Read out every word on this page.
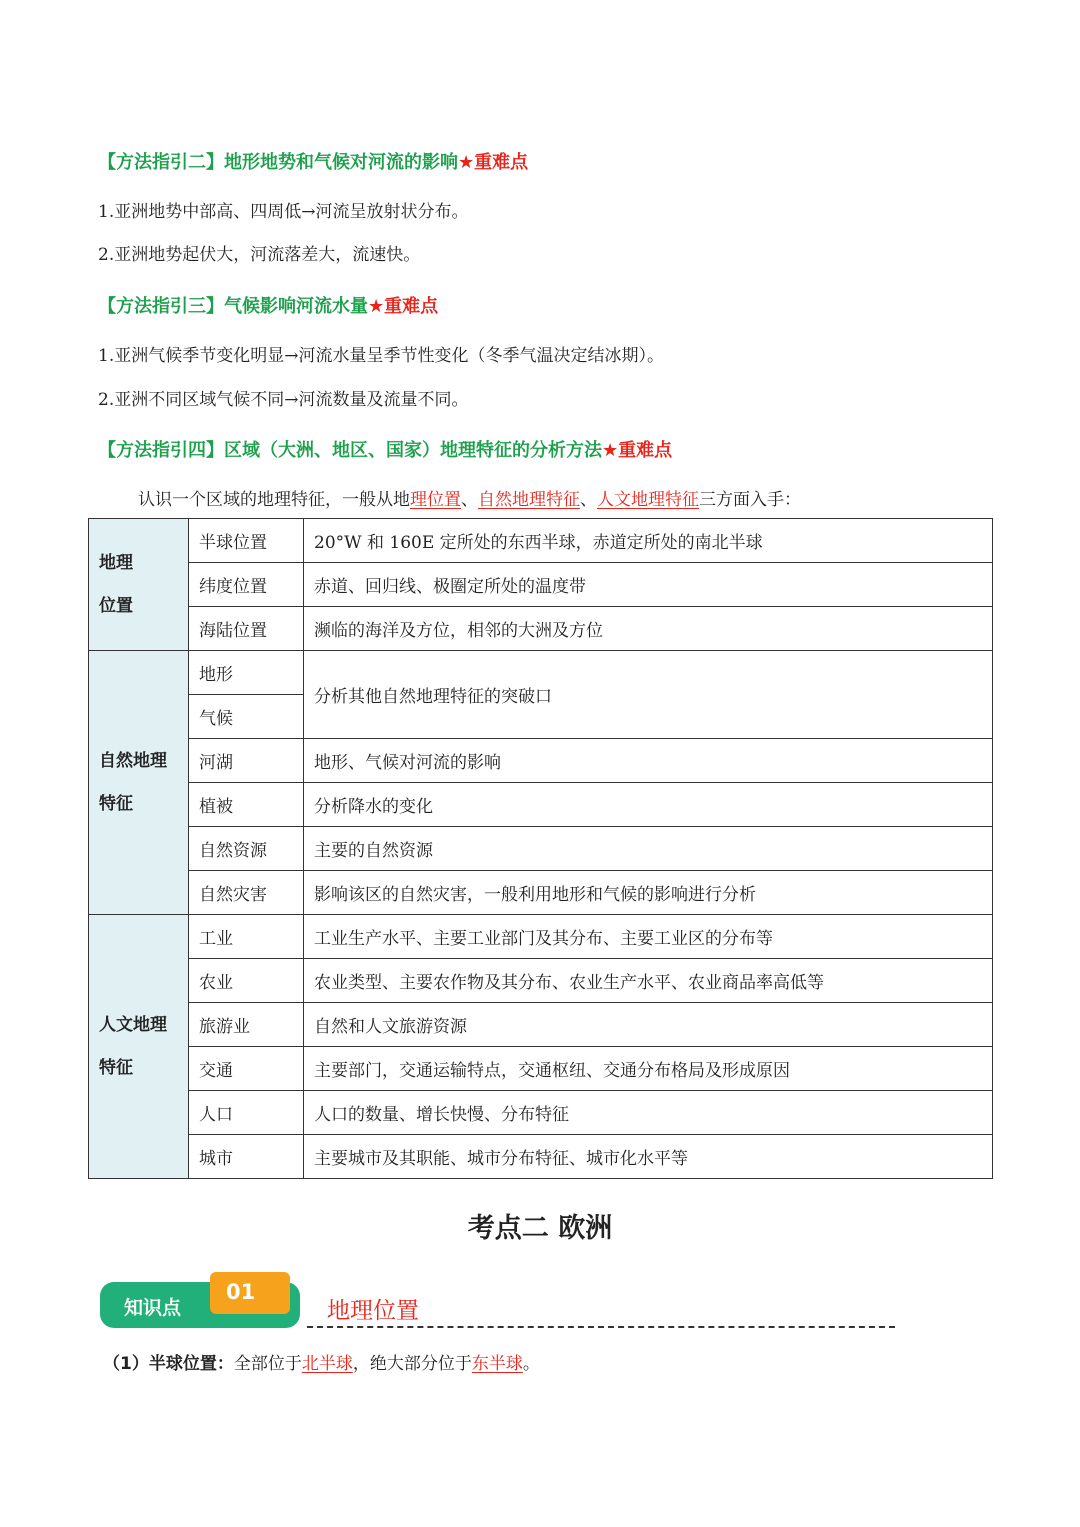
【方法指引二】地形地势和气候对河流的影响★重难点
1.亚洲地势中部高、四周低→河流呈放射状分布。
2.亚洲地势起伏大，河流落差大，流速快。
【方法指引三】气候影响河流水量★重难点
1.亚洲气候季节变化明显→河流水量呈季节性变化（冬季气温决定结冰期）。
2.亚洲不同区域气候不同→河流数量及流量不同。
【方法指引四】区域（大洲、地区、国家）地理特征的分析方法★重难点
认识一个区域的地理特征，一般从地理位置、自然地理特征、人文地理特征三方面入手：
地理
位置	半球位置	20°W 和 160E 定所处的东西半球，赤道定所处的南北半球
	纬度位置	赤道、回归线、极圈定所处的温度带
	海陆位置	濒临的海洋及方位，相邻的大洲及方位

自然地理
特征	地形	分析其他自然地理特征的突破口
	气候	
	河湖	地形、气候对河流的影响
	植被	分析降水的变化
	自然资源	主要的自然资源
	自然灾害	影响该区的自然灾害，一般利用地形和气候的影响进行分析

人文地理
特征	工业	工业生产水平、主要工业部门及其分布、主要工业区的分布等
	农业	农业类型、主要农作物及其分布、农业生产水平、农业商品率高低等
	旅游业	自然和人文旅游资源
	交通	主要部门，交通运输特点，交通枢纽、交通分布格局及形成原因
	人口	人口的数量、增长快慢、分布特征
	城市	主要城市及其职能、城市分布特征、城市化水平等
考点二 欧洲
知识点
01
地理位置
（1）半球位置：全部位于北半球，绝大部分位于东半球。
